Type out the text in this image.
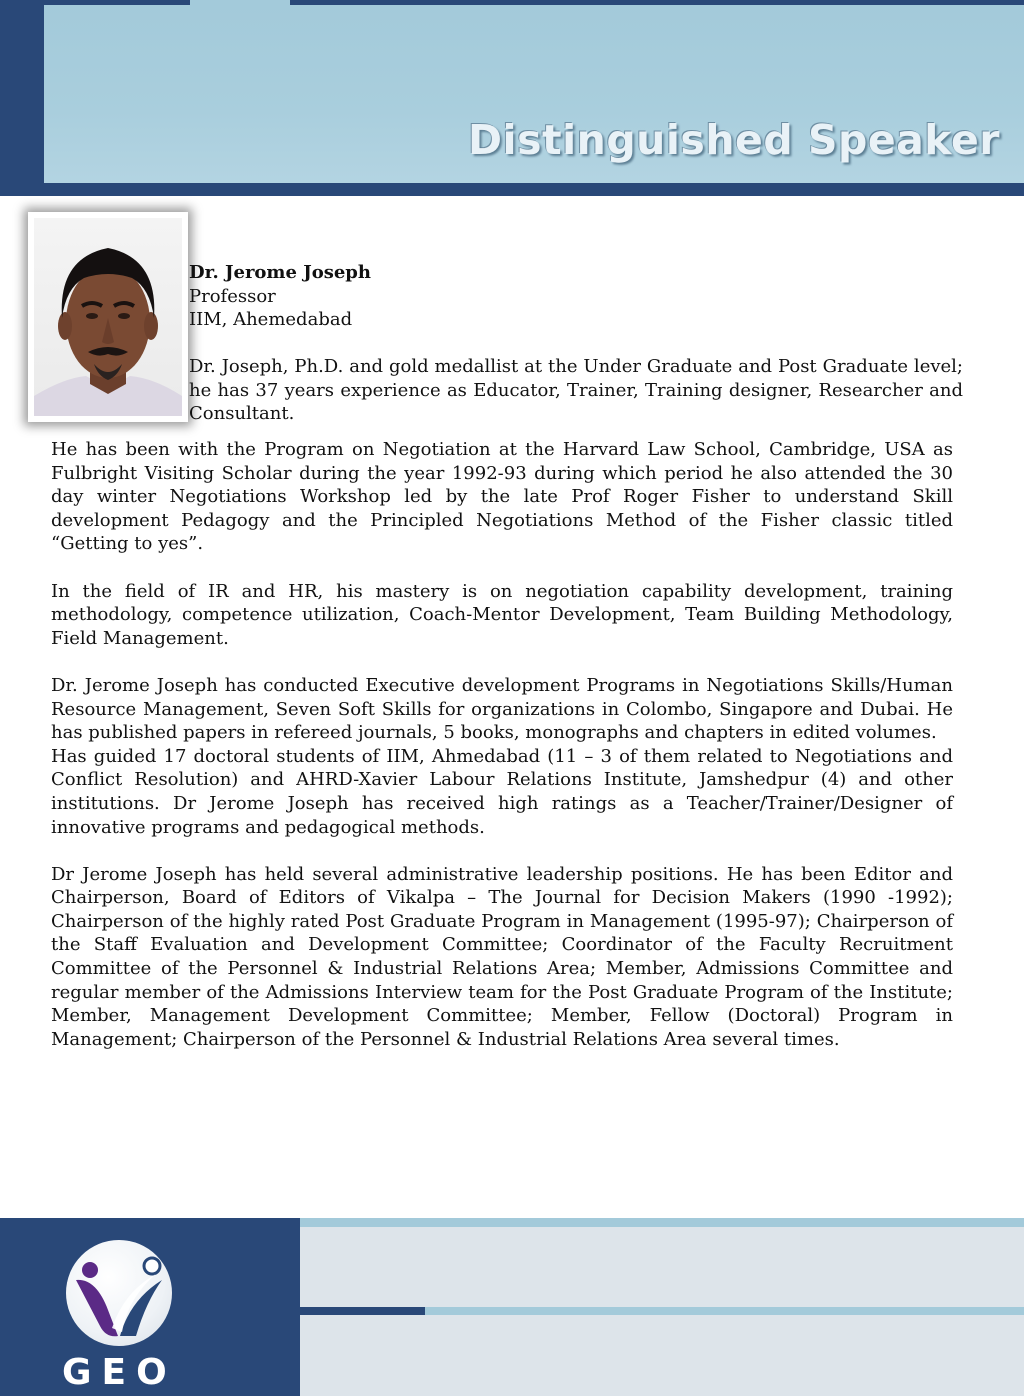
Distinguished Speaker

Dr. Jerome Joseph

Professor

IIM, Ahemedabad

Dr. Joseph, Ph.D. and gold medallist at the Under Graduate and Post Graduate level; he has 37 years experience as Educator, Trainer, Training designer, Researcher and Consultant.

He has been with the Program on Negotiation at the Harvard Law School, Cambridge, USA as Fulbright Visiting Scholar during the year 1992-93 during which period he also attended the 30 day winter Negotiations Workshop led by the late Prof Roger Fisher to understand Skill development Pedagogy and the Principled Negotiations Method of the Fisher classic titled “Getting to yes”.

In the field of IR and HR, his mastery is on negotiation capability development, training methodology, competence utilization, Coach-Mentor Development, Team Building Methodology, Field Management.

Dr. Jerome Joseph has conducted Executive development Programs in Negotiations Skills/Human Resource Management, Seven Soft Skills for organizations in Colombo, Singapore and Dubai. He has published papers in refereed journals, 5 books, monographs and chapters in edited volumes.

Has guided 17 doctoral students of IIM, Ahmedabad (11 – 3 of them related to Negotiations and Conflict Resolution) and AHRD-Xavier Labour Relations Institute, Jamshedpur (4) and other institutions. Dr Jerome Joseph has received high ratings as a Teacher/Trainer/Designer of innovative programs and pedagogical methods.

Dr Jerome Joseph has held several administrative leadership positions. He has been Editor and Chairperson, Board of Editors of Vikalpa – The Journal for Decision Makers (1990 -1992); Chairperson of the highly rated Post Graduate Program in Management (1995-97); Chairperson of the Staff Evaluation and Development Committee; Coordinator of the Faculty Recruitment Committee of the Personnel & Industrial Relations Area; Member, Admissions Committee and regular member of the Admissions Interview team for the Post Graduate Program of the Institute; Member, Management Development Committee; Member, Fellow (Doctoral) Program in Management; Chairperson of the Personnel & Industrial Relations Area several times.

GEO
